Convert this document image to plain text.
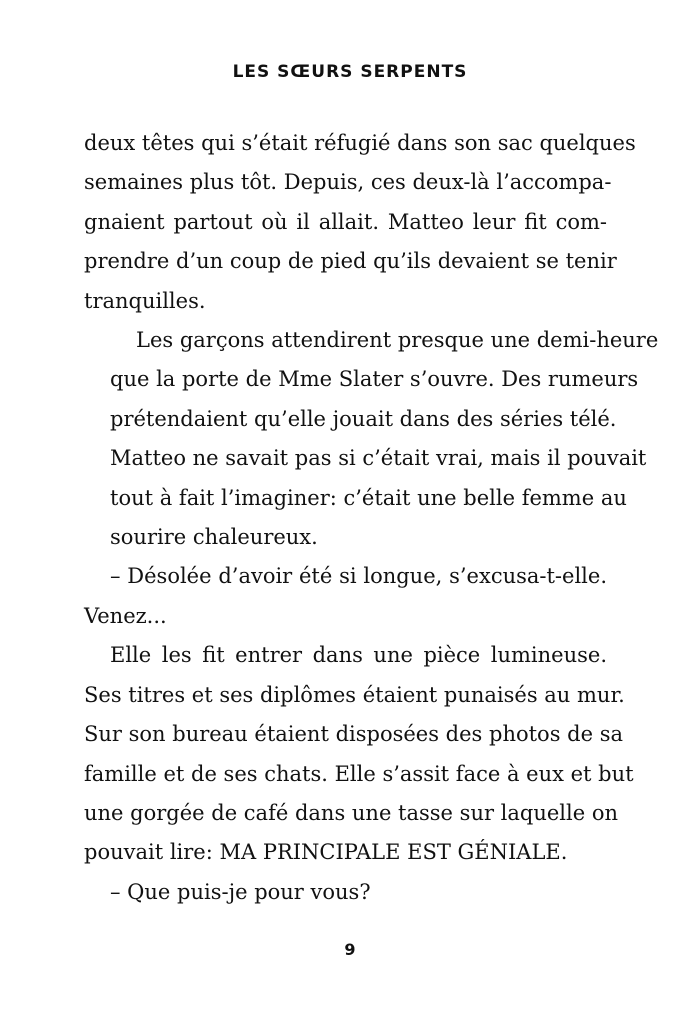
LES SŒURS SERPENTS

deux têtes qui s’était réfugié dans son sac quelques
semaines plus tôt. Depuis, ces deux-là l’accompa-
gnaient partout où il allait. Matteo leur fit com-
prendre d’un coup de pied qu’ils devaient se tenir
tranquilles.

Les garçons attendirent presque une demi-heure
que la porte de Mme Slater s’ouvre. Des rumeurs
prétendaient qu’elle jouait dans des séries télé.
Matteo ne savait pas si c’était vrai, mais il pouvait
tout à fait l’imaginer: c’était une belle femme au
sourire chaleureux.

– Désolée d’avoir été si longue, s’excusa-t-elle.
Venez...

Elle les fit entrer dans une pièce lumineuse.
Ses titres et ses diplômes étaient punaisés au mur.
Sur son bureau étaient disposées des photos de sa
famille et de ses chats. Elle s’assit face à eux et but
une gorgée de café dans une tasse sur laquelle on
pouvait lire: MA PRINCIPALE EST GÉNIALE.

– Que puis-je pour vous?

9
